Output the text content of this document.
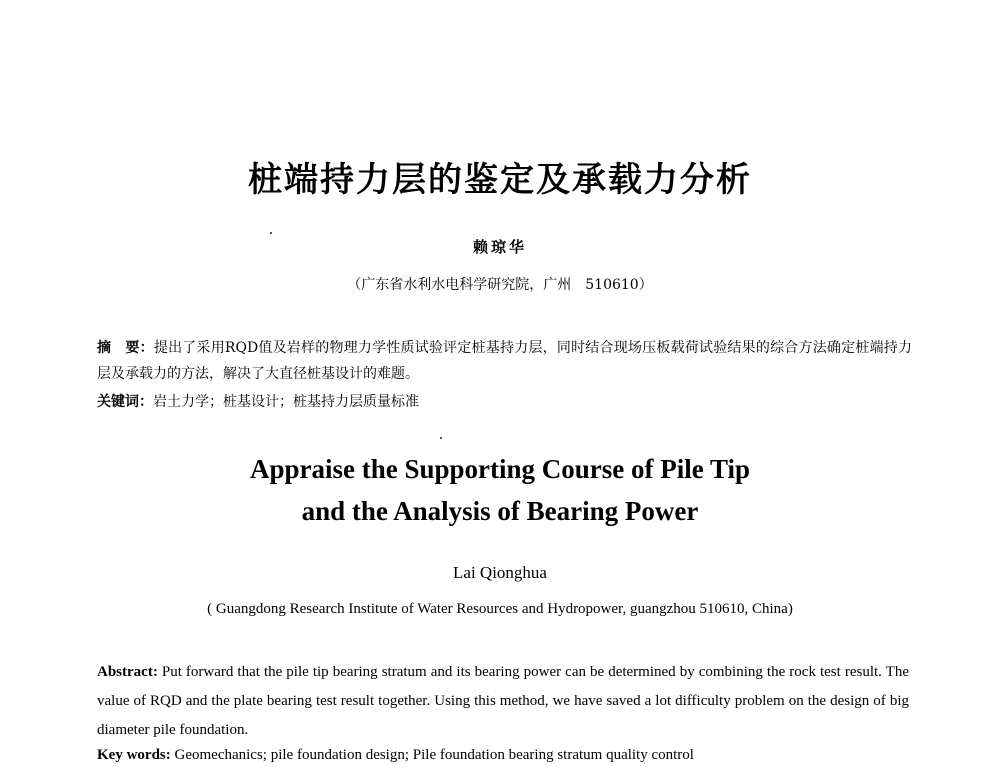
桩端持力层的鉴定及承载力分析
赖琼华
（广东省水利水电科学研究院，广州　510610）
摘　要：提出了采用RQD值及岩样的物理力学性质试验评定桩基持力层，同时结合现场压板载荷试验结果的综合方法确定桩端持力层及承载力的方法，解决了大直径桩基设计的难题。
关键词：岩土力学；桩基设计；桩基持力层质量标准
Appraise the Supporting Course of Pile Tip
and the Analysis of Bearing Power
Lai Qionghua
( Guangdong Research Institute of Water Resources and Hydropower, guangzhou 510610, China)
Abstract: Put forward that the pile tip bearing stratum and its bearing power can be determined by combining the rock test result. The value of RQD and the plate bearing test result together. Using this method, we have saved a lot difficulty problem on the design of big diameter pile foundation.
Key words: Geomechanics; pile foundation design; Pile foundation bearing stratum quality control
